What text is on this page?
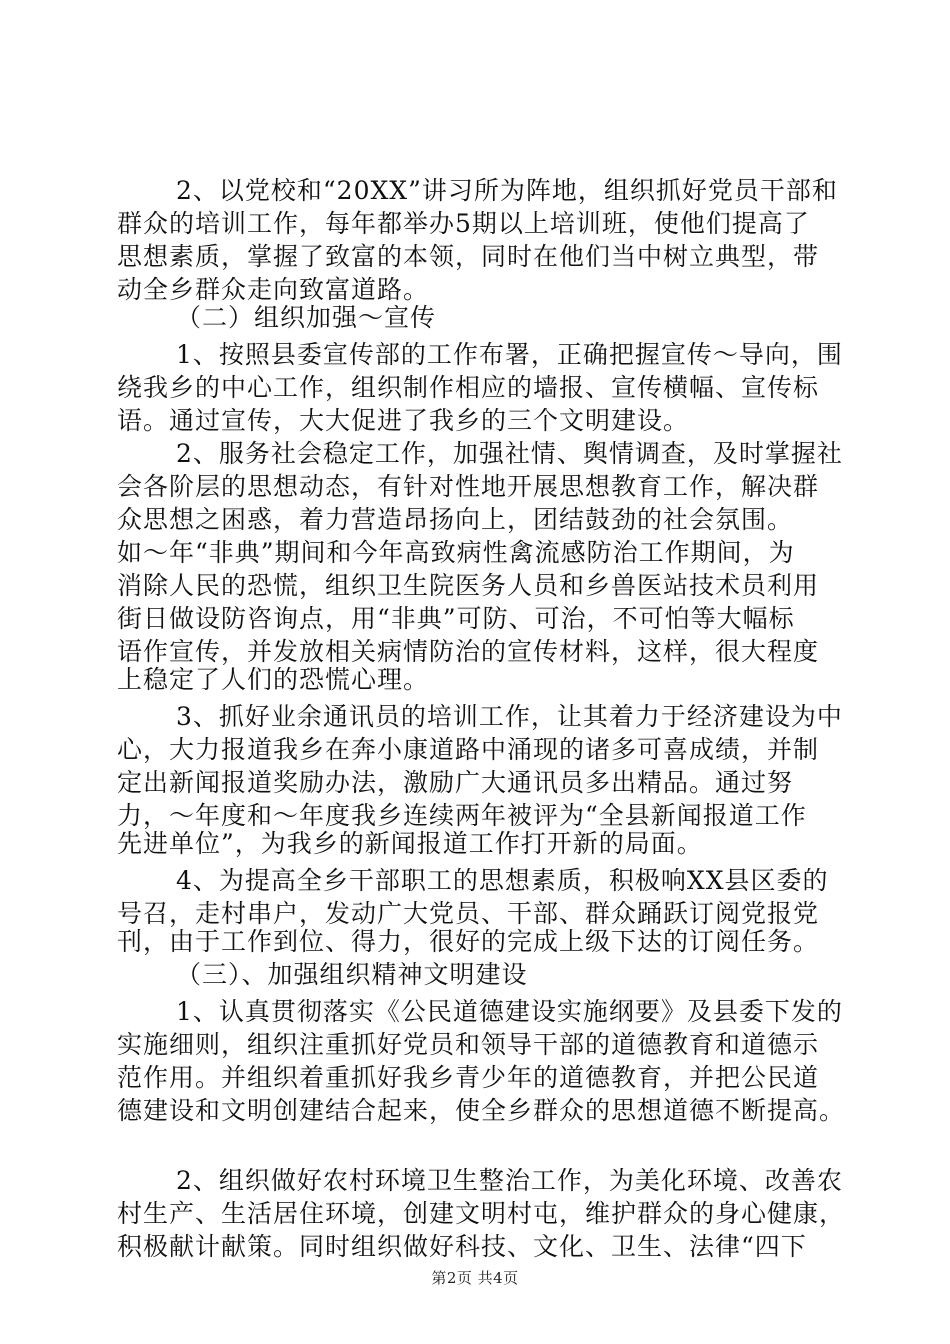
2、以党校和“20XX”讲习所为阵地，组织抓好党员干部和
群众的培训工作，每年都举办5期以上培训班，使他们提高了
思想素质，掌握了致富的本领，同时在他们当中树立典型，带
动全乡群众走向致富道路。
（二）组织加强～宣传
1、按照县委宣传部的工作布署，正确把握宣传～导向，围
绕我乡的中心工作，组织制作相应的墙报、宣传横幅、宣传标
语。通过宣传，大大促进了我乡的三个文明建设。
2、服务社会稳定工作，加强社情、舆情调查，及时掌握社
会各阶层的思想动态，有针对性地开展思想教育工作，解决群
众思想之困惑，着力营造昂扬向上，团结鼓劲的社会氛围。
如～年“非典”期间和今年高致病性禽流感防治工作期间，为
消除人民的恐慌，组织卫生院医务人员和乡兽医站技术员利用
街日做设防咨询点，用“非典”可防、可治，不可怕等大幅标
语作宣传，并发放相关病情防治的宣传材料，这样，很大程度
上稳定了人们的恐慌心理。
3、抓好业余通讯员的培训工作，让其着力于经济建设为中
心，大力报道我乡在奔小康道路中涌现的诸多可喜成绩，并制
定出新闻报道奖励办法，激励广大通讯员多出精品。通过努
力，～年度和～年度我乡连续两年被评为“全县新闻报道工作
先进单位”，为我乡的新闻报道工作打开新的局面。
4、为提高全乡干部职工的思想素质，积极响XX县区委的
号召，走村串户，发动广大党员、干部、群众踊跃订阅党报党
刊，由于工作到位、得力，很好的完成上级下达的订阅任务。
（三）、加强组织精神文明建设
1、认真贯彻落实《公民道德建设实施纲要》及县委下发的
实施细则，组织注重抓好党员和领导干部的道德教育和道德示
范作用。并组织着重抓好我乡青少年的道德教育，并把公民道
德建设和文明创建结合起来，使全乡群众的思想道德不断提高。
2、组织做好农村环境卫生整治工作，为美化环境、改善农
村生产、生活居住环境，创建文明村屯，维护群众的身心健康，
积极献计献策。同时组织做好科技、文化、卫生、法律“四下
第2页 共4页
